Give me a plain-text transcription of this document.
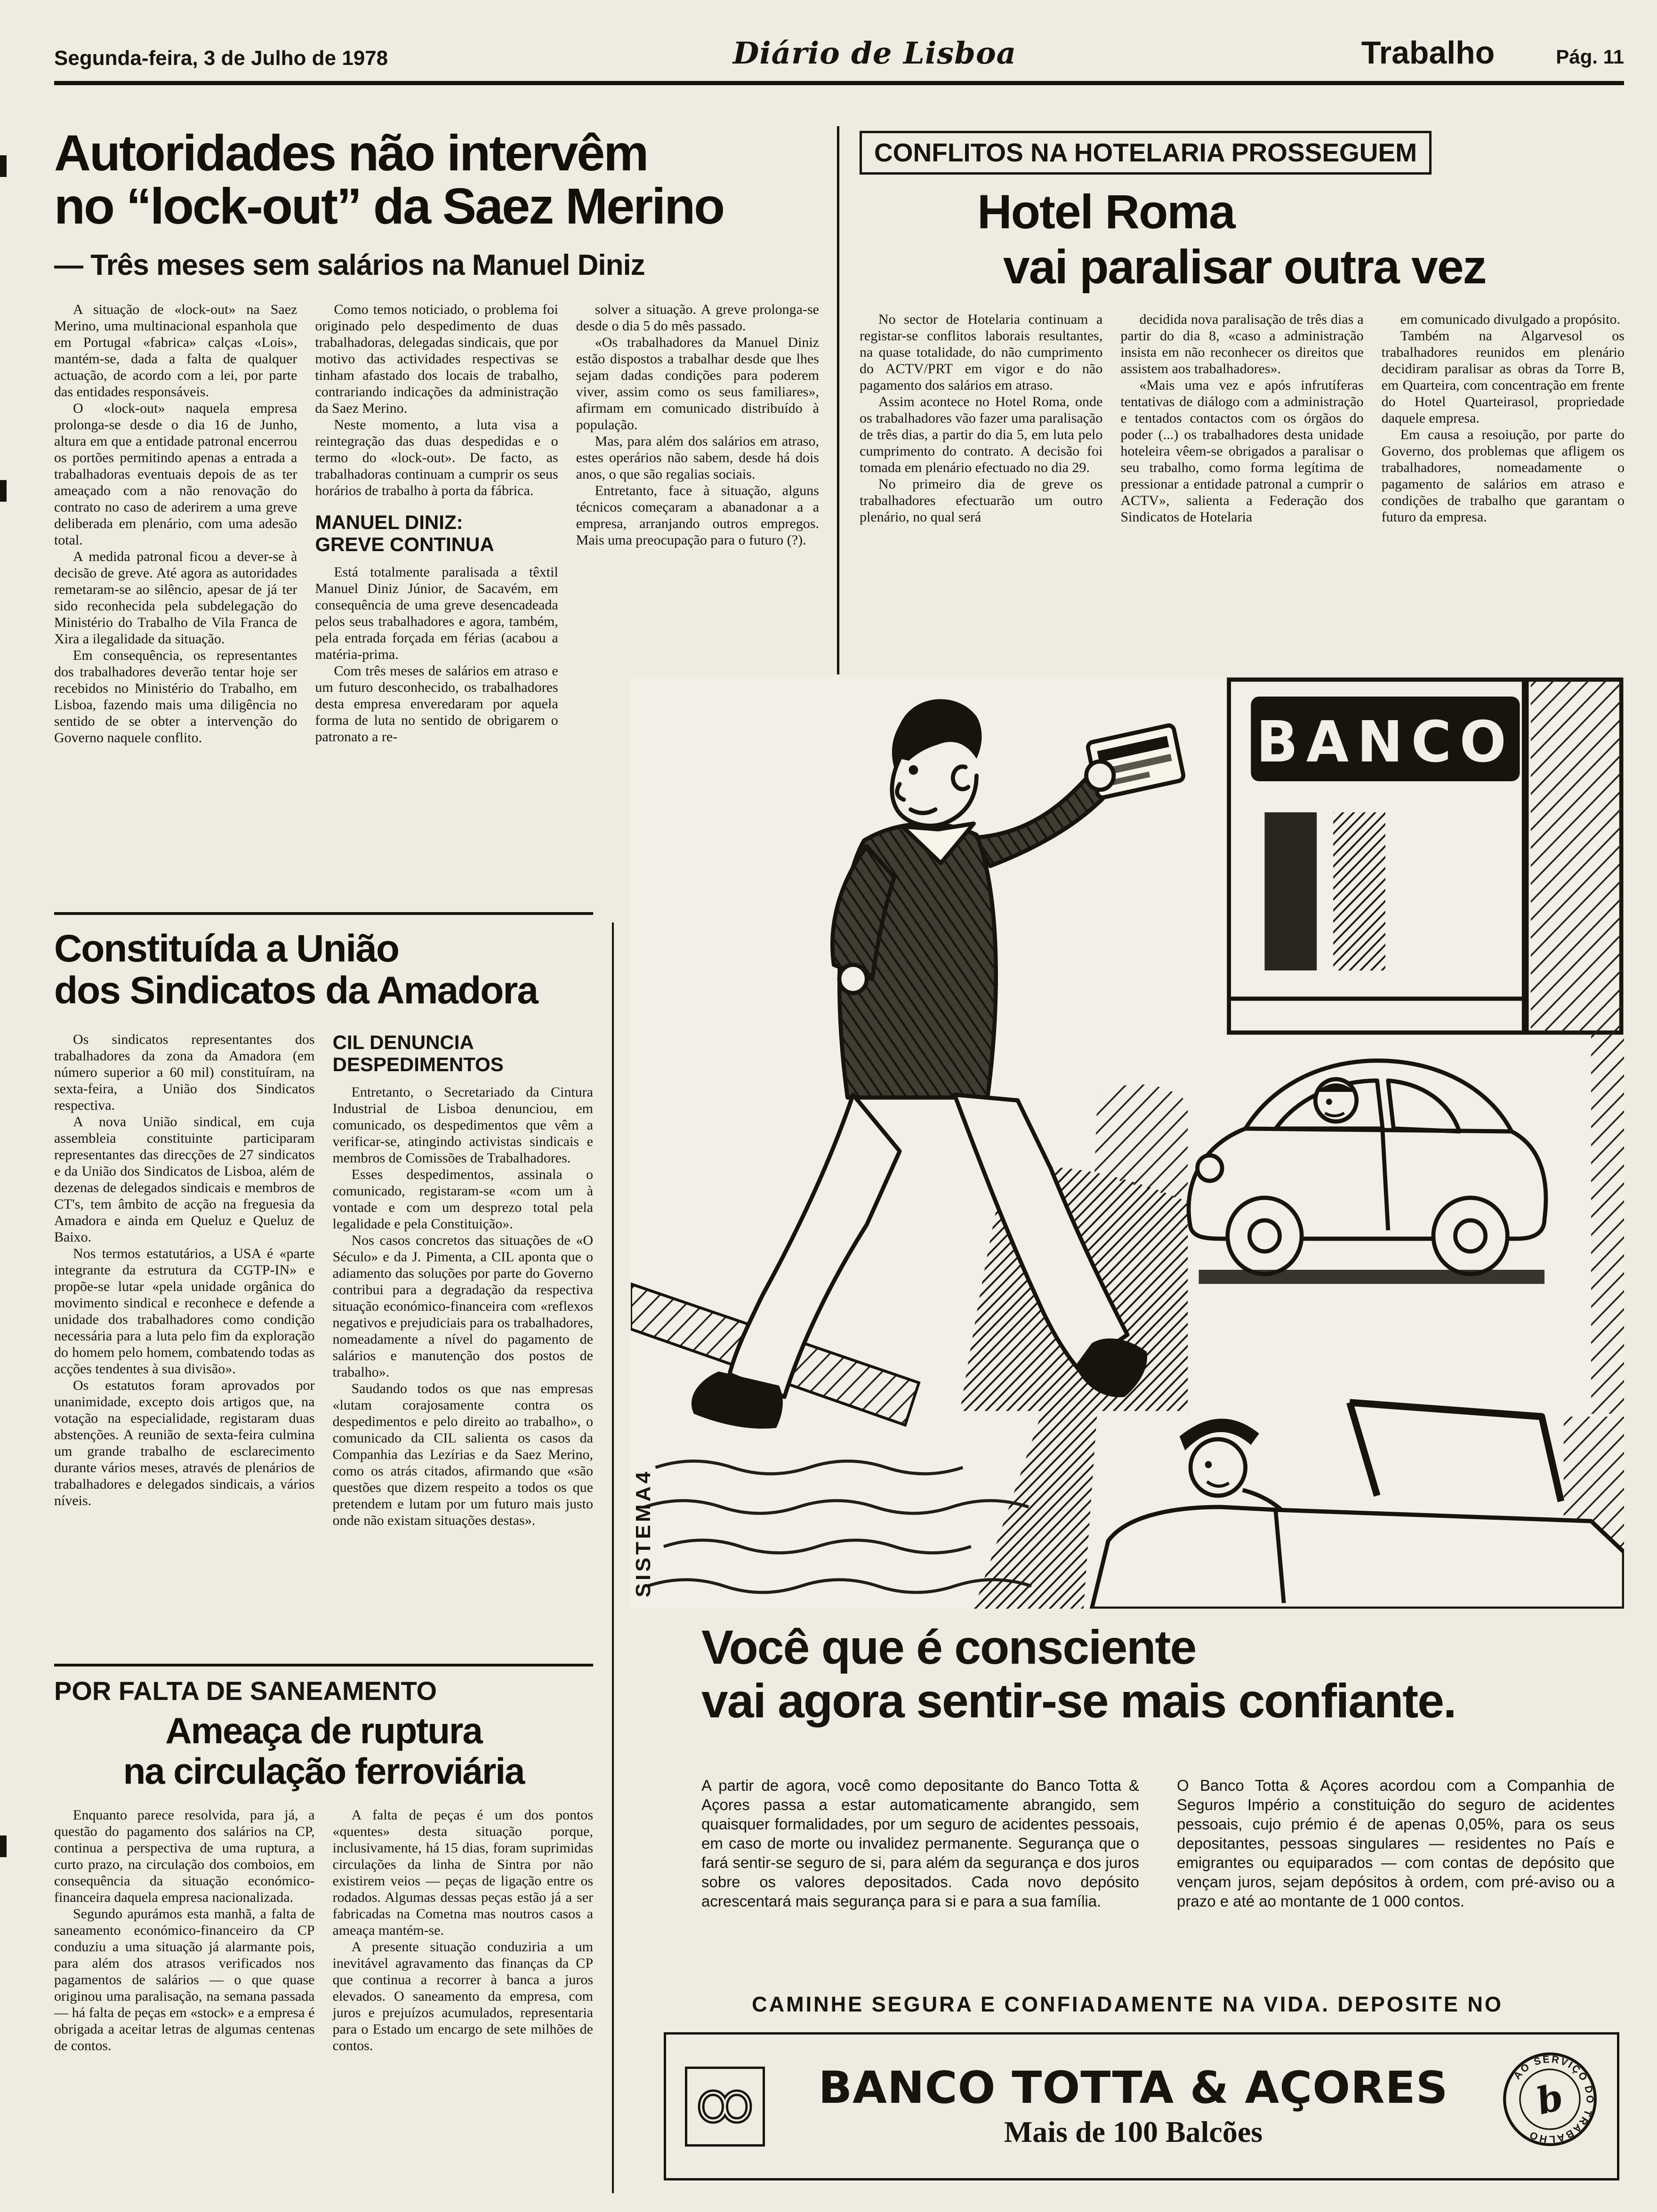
Segunda-feira, 3 de Julho de 1978	Diário de Lisboa	Trabalho	Pág. 11
Autoridades não intervêm
no “lock-out” da Saez Merino
— Três meses sem salários na Manuel Diniz

A situação de «lock-out» na Saez Merino, uma multinacional espanhola que em Portugal «fabrica» calças «Lois», mantém-se, dada a falta de qualquer actuação, de acordo com a lei, por parte das entidades responsáveis.

O «lock-out» naquela empresa prolonga-se desde o dia 16 de Junho, altura em que a entidade patronal encerrou os portões permitindo apenas a entrada a trabalhadoras eventuais depois de as ter ameaçado com a não renovação do contrato no caso de aderirem a uma greve deliberada em plenário, com uma adesão total.

A medida patronal ficou a dever-se à decisão de greve. Até agora as autoridades remetaram-se ao silêncio, apesar de já ter sido reconhecida pela subdelegação do Ministério do Trabalho de Vila Franca de Xira a ilegalidade da situação.

Em consequência, os representantes dos trabalhadores deverão tentar hoje ser recebidos no Ministério do Trabalho, em Lisboa, fazendo mais uma diligência no sentido de se obter a intervenção do Governo naquele conflito.

Como temos noticiado, o problema foi originado pelo despedimento de duas trabalhadoras, delegadas sindicais, que por motivo das actividades respectivas se tinham afastado dos locais de trabalho, contrariando indicações da administração da Saez Merino.

Neste momento, a luta visa a reintegração das duas despedidas e o termo do «lock-out». De facto, as trabalhadoras continuam a cumprir os seus horários de trabalho à porta da fábrica.

MANUEL DINIZ:
GREVE CONTINUA

Está totalmente paralisada a têxtil Manuel Diniz Júnior, de Sacavém, em consequência de uma greve desencadeada pelos seus trabalhadores e agora, também, pela entrada forçada em férias (acabou a matéria-prima.

Com três meses de salários em atraso e um futuro desconhecido, os trabalhadores desta empresa enveredaram por aquela forma de luta no sentido de obrigarem o patronato a re-

solver a situação. A greve prolonga-se desde o dia 5 do mês passado.

«Os trabalhadores da Manuel Diniz estão dispostos a trabalhar desde que lhes sejam dadas condições para poderem viver, assim como os seus familiares», afirmam em comunicado distribuído à população.

Mas, para além dos salários em atraso, estes operários não sabem, desde há dois anos, o que são regalias sociais.

Entretanto, face à situação, alguns técnicos começaram a abanadonar a a empresa, arranjando outros empregos. Mais uma preocupação para o futuro (?).

CONFLITOS NA HOTELARIA PROSSEGUEM
Hotel Roma
vai paralisar outra vez

No sector de Hotelaria continuam a registar-se conflitos laborais resultantes, na quase totalidade, do não cumprimento do ACTV/PRT em vigor e do não pagamento dos salários em atraso.

Assim acontece no Hotel Roma, onde os trabalhadores vão fazer uma paralisação de três dias, a partir do dia 5, em luta pelo cumprimento do contrato. A decisão foi tomada em plenário efectuado no dia 29.

No primeiro dia de greve os trabalhadores efectuarão um outro plenário, no qual será

decidida nova paralisação de três dias a partir do dia 8, «caso a administração insista em não reconhecer os direitos que assistem aos trabalhadores».

«Mais uma vez e após infrutíferas tentativas de diálogo com a administração e tentados contactos com os órgãos do poder (...) os trabalhadores desta unidade hoteleira vêem-se obrigados a paralisar o seu trabalho, como forma legítima de pressionar a entidade patronal a cumprir o ACTV», salienta a Federação dos Sindicatos de Hotelaria

em comunicado divulgado a propósito.

Também na Algarvesol os trabalhadores reunidos em plenário decidiram paralisar as obras da Torre B, em Quarteira, com concentração em frente do Hotel Quarteirasol, propriedade daquele empresa.

Em causa a resoiução, por parte do Governo, dos problemas que afligem os trabalhadores, nomeadamente o pagamento de salários em atraso e condições de trabalho que garantam o futuro da empresa.

Constituída a União
dos Sindicatos da Amadora

Os sindicatos representantes dos trabalhadores da zona da Amadora (em número superior a 60 mil) constituíram, na sexta-feira, a União dos Sindicatos respectiva.

A nova União sindical, em cuja assembleia constituinte participaram representantes das direcções de 27 sindicatos e da União dos Sindicatos de Lisboa, além de dezenas de delegados sindicais e membros de CT's, tem âmbito de acção na freguesia da Amadora e ainda em Queluz e Queluz de Baixo.

Nos termos estatutários, a USA é «parte integrante da estrutura da CGTP-IN» e propõe-se lutar «pela unidade orgânica do movimento sindical e reconhece e defende a unidade dos trabalhadores como condição necessária para a luta pelo fim da exploração do homem pelo homem, combatendo todas as acções tendentes à sua divisão».

Os estatutos foram aprovados por unanimidade, excepto dois artigos que, na votação na especialidade, registaram duas abstenções. A reunião de sexta-feira culmina um grande trabalho de esclarecimento durante vários meses, através de plenários de trabalhadores e delegados sindicais, a vários níveis.

CIL DENUNCIA
DESPEDIMENTOS

Entretanto, o Secretariado da Cintura Industrial de Lisboa denunciou, em comunicado, os despedimentos que vêm a verificar-se, atingindo activistas sindicais e membros de Comissões de Trabalhadores.

Esses despedimentos, assinala o comunicado, registaram-se «com um à vontade e com um desprezo total pela legalidade e pela Constituição».

Nos casos concretos das situações de «O Século» e da J. Pimenta, a CIL aponta que o adiamento das soluções por parte do Governo contribui para a degradação da respectiva situação económico-financeira com «reflexos negativos e prejudiciais para os trabalhadores, nomeadamente a nível do pagamento de salários e manutenção dos postos de trabalho».

Saudando todos os que nas empresas «lutam corajosamente contra os despedimentos e pelo direito ao trabalho», o comunicado da CIL salienta os casos da Companhia das Lezírias e da Saez Merino, como os atrás citados, afirmando que «são questões que dizem respeito a todos os que pretendem e lutam por um futuro mais justo onde não existam situações destas».

POR FALTA DE SANEAMENTO
Ameaça de ruptura
na circulação ferroviária

Enquanto parece resolvida, para já, a questão do pagamento dos salários na CP, continua a perspectiva de uma ruptura, a curto prazo, na circulação dos comboios, em consequência da situação económico-financeira daquela empresa nacionalizada.

Segundo apurámos esta manhã, a falta de saneamento económico-financeiro da CP conduziu a uma situação já alarmante pois, para além dos atrasos verificados nos pagamentos de salários — o que quase originou uma paralisação, na semana passada — há falta de peças em «stock» e a empresa é obrigada a aceitar letras de algumas centenas de contos.

A falta de peças é um dos pontos «quentes» desta situação porque, inclusivamente, há 15 dias, foram suprimidas circulações da linha de Sintra por não existirem veios — peças de ligação entre os rodados. Algumas dessas peças estão já a ser fabricadas na Cometna mas noutros casos a ameaça mantém-se.

A presente situação conduziria a um inevitável agravamento das finanças da CP que continua a recorrer à banca a juros elevados. O saneamento da empresa, com juros e prejuízos acumulados, representaria para o Estado um encargo de sete milhões de contos.

BANCO
SISTEMA4
Você que é consciente
vai agora sentir-se mais confiante.
A partir de agora, você como depositante do Banco Totta & Açores passa a estar automaticamente abrangido, sem quaisquer formalidades, por um seguro de acidentes pessoais, em caso de morte ou invalidez permanente. Segurança que o fará sentir-se seguro de si, para além da segurança e dos juros sobre os valores depositados. Cada novo depósito acrescentará mais segurança para si e para a sua família.
O Banco Totta & Açores acordou com a Companhia de Seguros Império a constituição do seguro de acidentes pessoais, cujo prémio é de apenas 0,05%, para os seus depositantes, pessoas singulares — residentes no País e emigrantes ou equiparados — com contas de depósito que vençam juros, sejam depósitos à ordem, com pré-aviso ou a prazo e até ao montante de 1 000 contos.
CAMINHE SEGURA E CONFIADAMENTE NA VIDA. DEPOSITE NO
BANCO TOTTA & AÇORES
Mais de 100 Balcões
AO SERVIÇO DO TRABALHO
b
